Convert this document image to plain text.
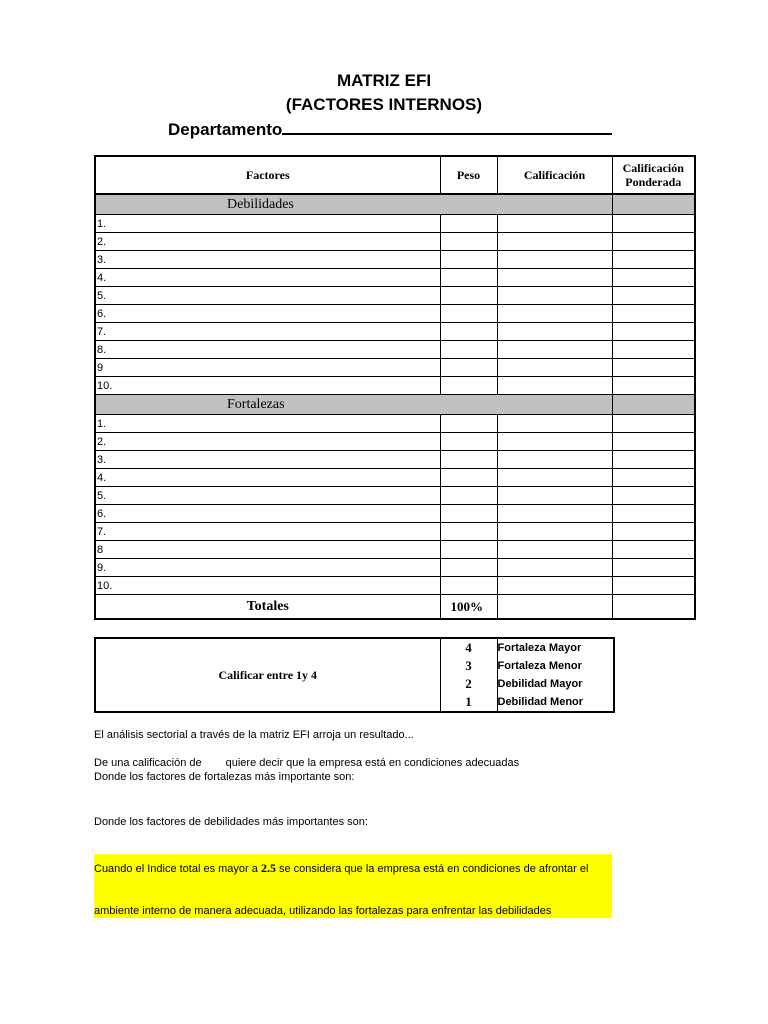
MATRIZ EFI
(FACTORES INTERNOS)
Departamento
Factores	Peso	Calificación	Calificación
Ponderada
Debilidades			
1.			
2.			
3.			
4.			
5.			
6.			
7.			
8.			
9			
10.			
Fortalezas			
1.			
2.			
3.			
4.			
5.			
6.			
7.			
8			
9.			
10.			
Totales	100%		
Calificar entre 1y 4	4	Fortaleza Mayor
	3	Fortaleza Menor
	2	Debilidad Mayor
	1	Debilidad Menor
El análisis sectorial a través de la matriz EFI arroja un resultado...
De una calificación de quiere decir que la empresa está en condiciones adecuadas
Donde los factores de fortalezas más importante son:
Donde los factores de debilidades más importantes son:
Cuando el Indice total es mayor a 2.5 se considera que la empresa está en condiciones de afrontar el
ambiente interno de manera adecuada, utilizando las fortalezas para enfrentar las debilidades
